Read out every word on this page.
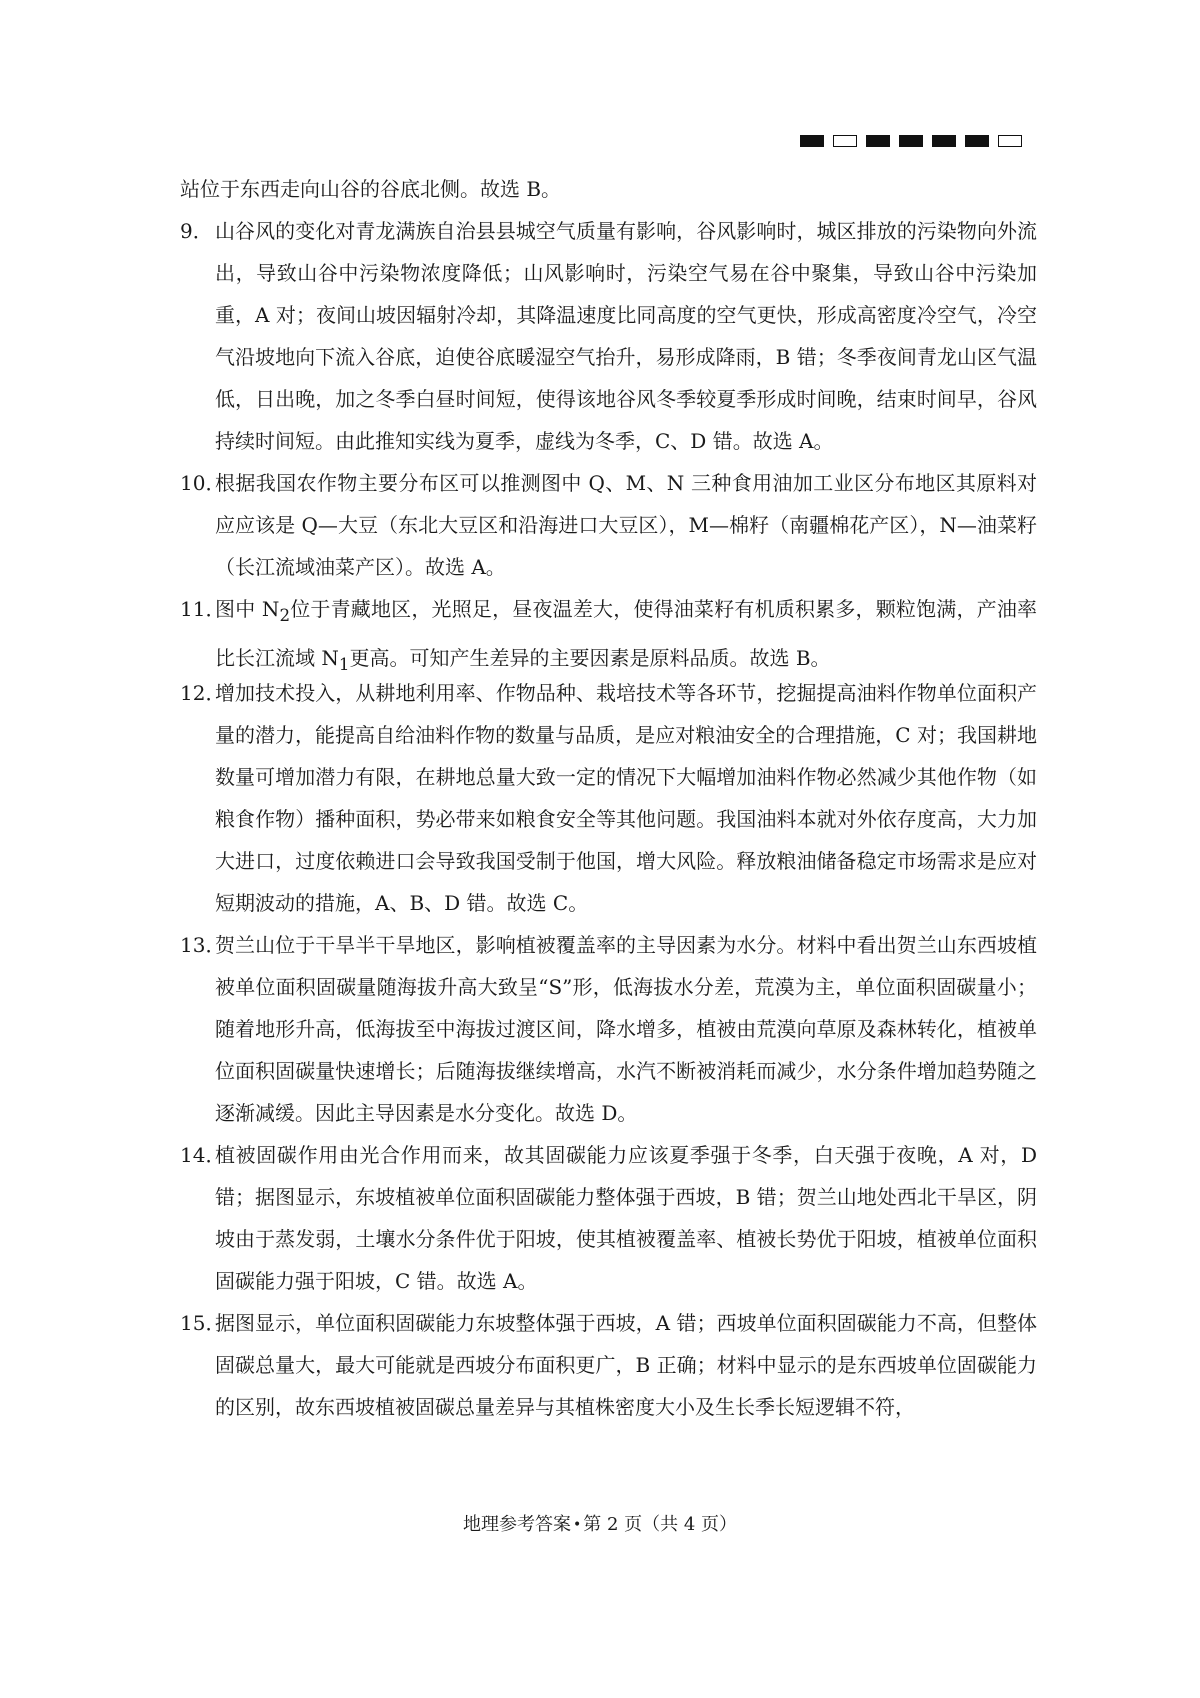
站位于东西走向山谷的谷底北侧。故选 B。
9． 山谷风的变化对青龙满族自治县县城空气质量有影响，谷风影响时，城区排放的污染物向外流出，导致山谷中污染物浓度降低；山风影响时，污染空气易在谷中聚集，导致山谷中污染加重，A 对；夜间山坡因辐射冷却，其降温速度比同高度的空气更快，形成高密度冷空气，冷空气沿坡地向下流入谷底，迫使谷底暖湿空气抬升，易形成降雨，B 错；冬季夜间青龙山区气温低，日出晚，加之冬季白昼时间短，使得该地谷风冬季较夏季形成时间晚，结束时间早，谷风持续时间短。由此推知实线为夏季，虚线为冬季，C、D 错。故选 A。
10．
根据我国农作物主要分布区可以推测图中 Q、M、N 三种食用油加工业区分布地区其原料对应应该是 Q—大豆（东北大豆区和沿海进口大豆区），M—棉籽（南疆棉花产区），N—油菜籽（长江流域油菜产区）。故选 A。
11．
图中 $N_2$位于青藏地区，光照足，昼夜温差大，使得油菜籽有机质积累多，颗粒饱满，产油率比长江流域 $N_1$更高。可知产生差异的主要因素是原料品质。故选 B。
12．
增加技术投入，从耕地利用率、作物品种、栽培技术等各环节，挖掘提高油料作物单位面积产量的潜力，能提高自给油料作物的数量与品质，是应对粮油安全的合理措施，C 对；我国耕地数量可增加潜力有限，在耕地总量大致一定的情况下大幅增加油料作物必然减少其他作物（如粮食作物）播种面积，势必带来如粮食安全等其他问题。我国油料本就对外依存度高，大力加大进口，过度依赖进口会导致我国受制于他国，增大风险。释放粮油储备稳定市场需求是应对短期波动的措施，A、B、D 错。故选 C。
13．
贺兰山位于干旱半干旱地区，影响植被覆盖率的主导因素为水分。材料中看出贺兰山东西坡植被单位面积固碳量随海拔升高大致呈“S”形，低海拔水分差，荒漠为主，单位面积固碳量小；随着地形升高，低海拔至中海拔过渡区间，降水增多，植被由荒漠向草原及森林转化，植被单位面积固碳量快速增长；后随海拔继续增高，水汽不断被消耗而减少，水分条件增加趋势随之逐渐减缓。因此主导因素是水分变化。故选 D。
14．
植被固碳作用由光合作用而来，故其固碳能力应该夏季强于冬季，白天强于夜晚，A 对，D 错；据图显示，东坡植被单位面积固碳能力整体强于西坡，B 错；贺兰山地处西北干旱区，阴坡由于蒸发弱，土壤水分条件优于阳坡，使其植被覆盖率、植被长势优于阳坡，植被单位面积固碳能力强于阳坡，C 错。故选 A。
15．
据图显示，单位面积固碳能力东坡整体强于西坡，A 错；西坡单位面积固碳能力不高，但整体固碳总量大，最大可能就是西坡分布面积更广，B 正确；材料中显示的是东西坡单位固碳能力的区别，故东西坡植被固碳总量差异与其植株密度大小及生长季长短逻辑不符，
地理参考答案 • 第 2 页（共 4 页）
